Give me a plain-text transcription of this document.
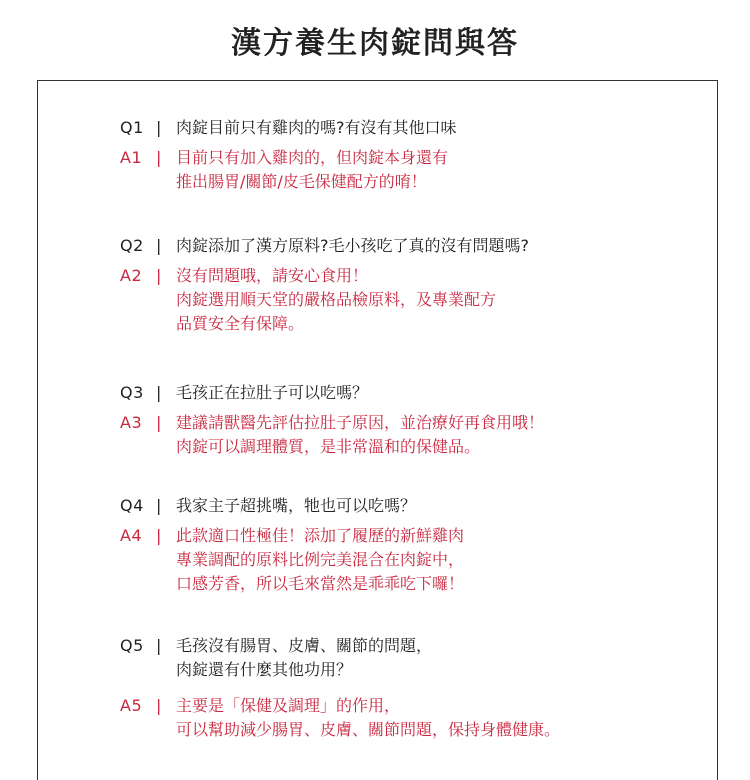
漢方養生肉錠問與答
Q1 | 肉錠目前只有雞肉的嗎?有沒有其他口味
A1 | 目前只有加入雞肉的，但肉錠本身還有
推出腸胃/關節/皮毛保健配方的唷！
Q2 | 肉錠添加了漢方原料?毛小孩吃了真的沒有問題嗎?
A2 | 沒有問題哦，請安心食用！
肉錠選用順天堂的嚴格品檢原料，及專業配方
品質安全有保障。
Q3 | 毛孩正在拉肚子可以吃嗎？
A3 | 建議請獸醫先評估拉肚子原因，並治療好再食用哦！
肉錠可以調理體質，是非常溫和的保健品。
Q4 | 我家主子超挑嘴，牠也可以吃嗎？
A4 | 此款適口性極佳！添加了履歷的新鮮雞肉
專業調配的原料比例完美混合在肉錠中，
口感芳香，所以毛來當然是乖乖吃下囉！
Q5 | 毛孩沒有腸胃、皮膚、關節的問題，
肉錠還有什麼其他功用？
A5 | 主要是「保健及調理」的作用，
可以幫助減少腸胃、皮膚、關節問題，保持身體健康。
